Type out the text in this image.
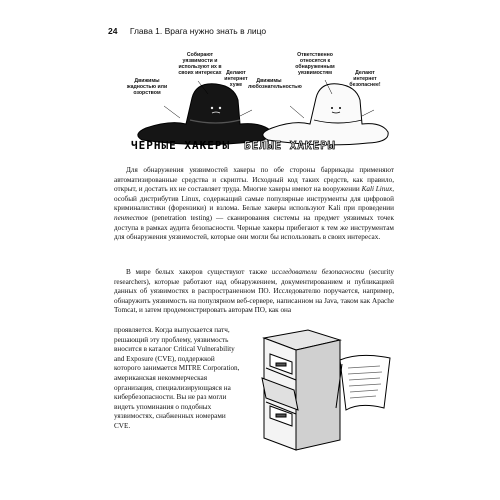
24 Глава 1. Врага нужно знать в лицо
Собирают уязвимости и используют их в своих интересах
Движимы жадностью или озорством
Делают интернет хуже
Ответственно относятся к обнаруженным уязвимостям
Движимы любознательностью
Делают интернет безопаснее!
ЧЕРНЫЕ ХАКЕРЫ БЕЛЫЕ ХАКЕРЫ

Для обнаружения уязвимостей хакеры по обе стороны баррикады применяют автоматизированные средства и скрипты. Исходный код таких средств, как правило, открыт, и достать их не составляет труда. Многие хакеры имеют на вооружении Kali Linux, особый дистрибутив Linux, содержащий самые популярные инструменты для цифровой криминалистики (форензики) и взлома. Белые хакеры используют Kali при проведении пентестов (penetration testing) — сканирования системы на предмет уязвимых точек доступа в рамках аудита безопасности. Черные хакеры прибегают к тем же инструментам для обнаружения уязвимостей, которые они могли бы использовать в своих интересах.

В мире белых хакеров существуют также исследователи безопасности (security researchers), которые работают над обнаружением, документированием и публикацией данных об уязвимостях в распространенном ПО. Исследователю поручается, например, обнаружить уязвимость на популярном веб-сервере, написанном на Java, таком как Apache Tomcat, и затем продемонстрировать авторам ПО, как она

проявляется. Когда выпускается патч, решающий эту проблему, уязвимость вносится в каталог Critical Vulnerability and Exposure (CVE), поддержкой которого занимается MITRE Corporation, американская некоммерческая организация, специализирующаяся на кибербезопасности. Вы не раз могли видеть упоминания о подобных уязвимостях, снабженных номерами CVE.
